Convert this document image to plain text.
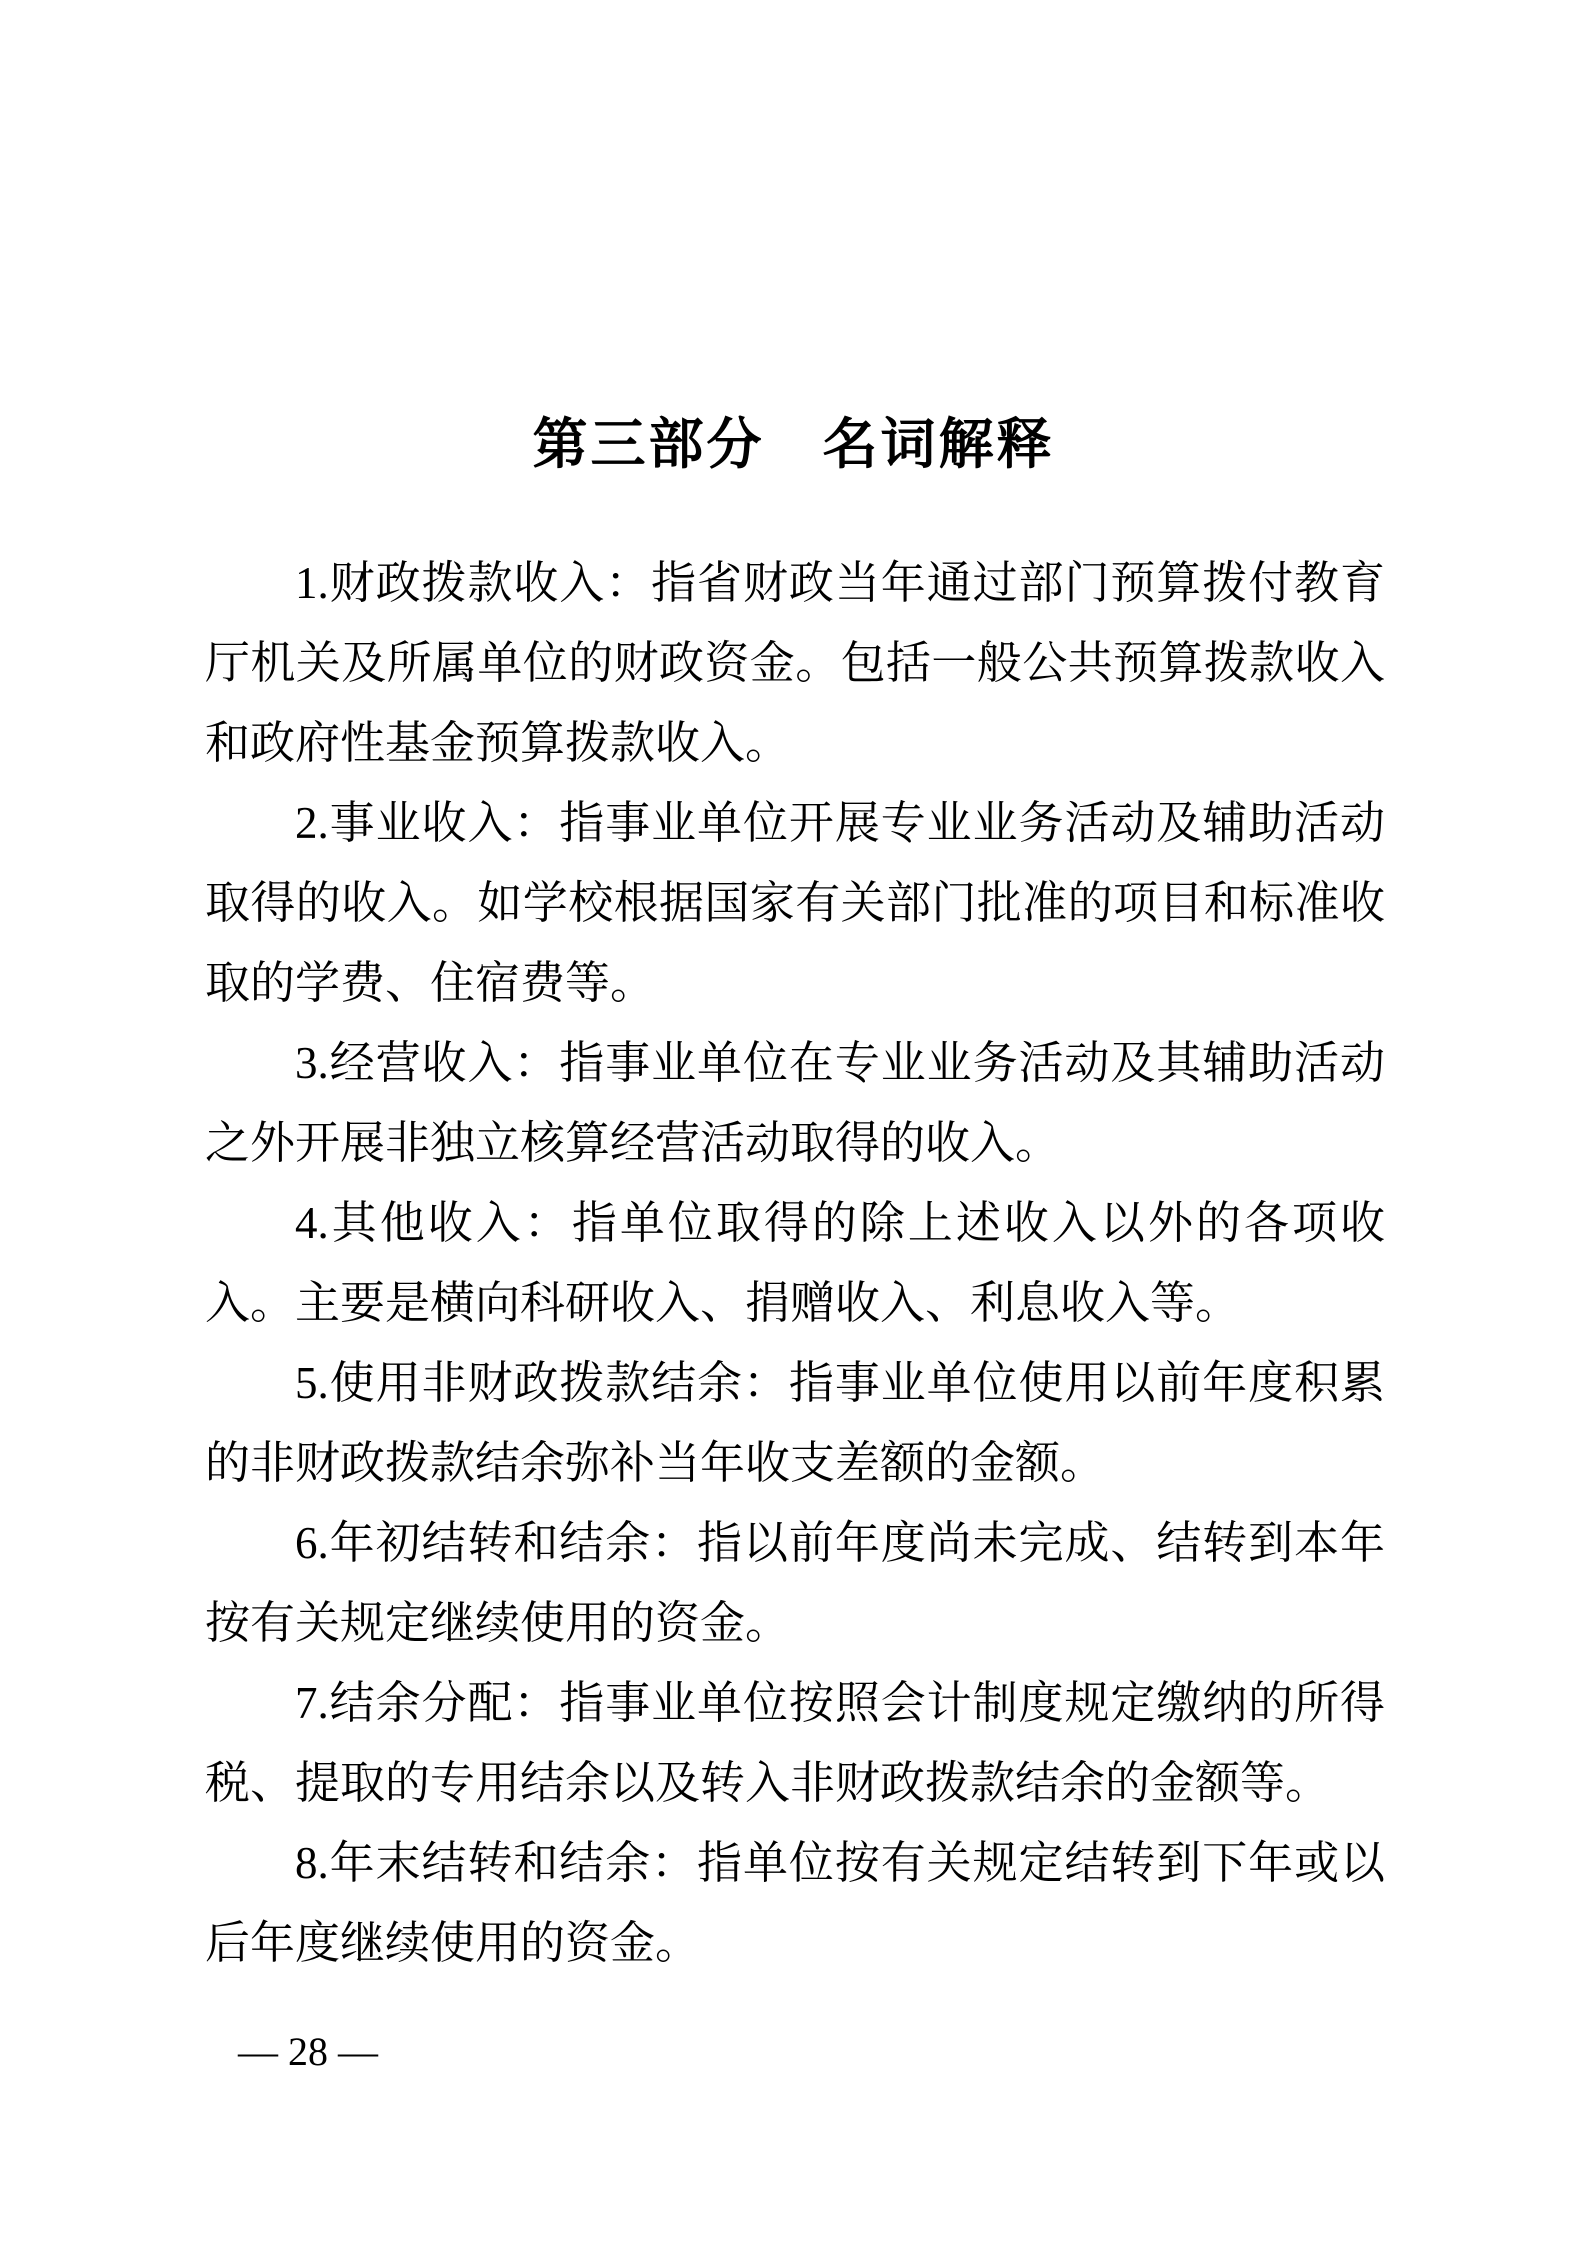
第三部分　名词解释

1.财政拨款收入：指省财政当年通过部门预算拨付教育厅机关及所属单位的财政资金。包括一般公共预算拨款收入和政府性基金预算拨款收入。

2.事业收入：指事业单位开展专业业务活动及辅助活动取得的收入。如学校根据国家有关部门批准的项目和标准收取的学费、住宿费等。

3.经营收入：指事业单位在专业业务活动及其辅助活动之外开展非独立核算经营活动取得的收入。

4.其他收入：指单位取得的除上述收入以外的各项收入。主要是横向科研收入、捐赠收入、利息收入等。

5.使用非财政拨款结余：指事业单位使用以前年度积累的非财政拨款结余弥补当年收支差额的金额。

6.年初结转和结余：指以前年度尚未完成、结转到本年按有关规定继续使用的资金。

7.结余分配：指事业单位按照会计制度规定缴纳的所得税、提取的专用结余以及转入非财政拨款结余的金额等。

8.年末结转和结余：指单位按有关规定结转到下年或以后年度继续使用的资金。

— 28 —
